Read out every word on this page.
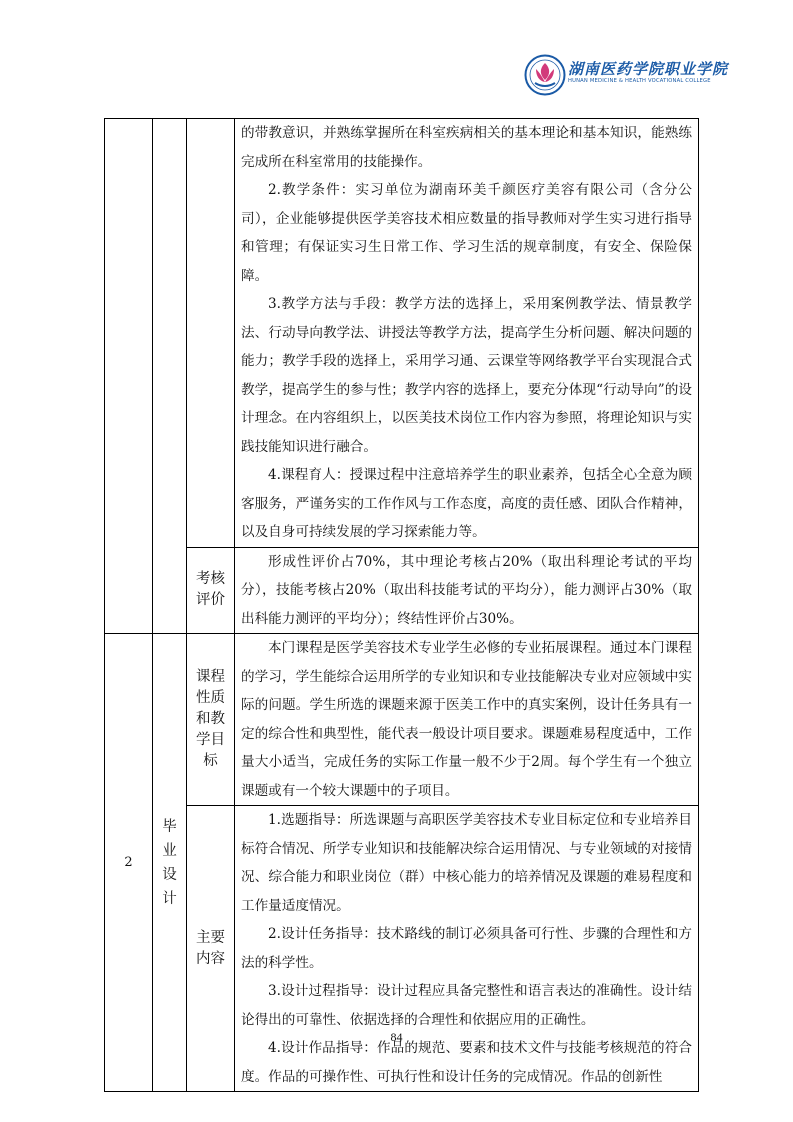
湖南医药学院职业学院
HUNAN MEDICINE & HEALTH VOCATIONAL COLLEGE

			的带教意识，并熟练掌握所在科室疾病相关的基本理论和基本知识，能熟练完成所在科室常用的技能操作。

2.教学条件：实习单位为湖南环美千颜医疗美容有限公司（含分公司），企业能够提供医学美容技术相应数量的指导教师对学生实习进行指导和管理；有保证实习生日常工作、学习生活的规章制度，有安全、保险保障。

3.教学方法与手段：教学方法的选择上，采用案例教学法、情景教学法、行动导向教学法、讲授法等教学方法，提高学生分析问题、解决问题的能力；教学手段的选择上，采用学习通、云课堂等网络教学平台实现混合式教学，提高学生的参与性；教学内容的选择上，要充分体现“行动导向”的设计理念。在内容组织上，以医美技术岗位工作内容为参照，将理论知识与实践技能知识进行融合。

4.课程育人：授课过程中注意培养学生的职业素养，包括全心全意为顾客服务，严谨务实的工作作风与工作态度，高度的责任感、团队合作精神，以及自身可持续发展的学习探索能力等。

		考核评价	形成性评价占70%，其中理论考核占20%（取出科理论考试的平均分），技能考核占20%（取出科技能考试的平均分），能力测评占30%（取出科能力测评的平均分）；终结性评价占30%。

2	毕业设计	课程性质和教学目标	本门课程是医学美容技术专业学生必修的专业拓展课程。通过本门课程的学习，学生能综合运用所学的专业知识和专业技能解决专业对应领域中实际的问题。学生所选的课题来源于医美工作中的真实案例，设计任务具有一定的综合性和典型性，能代表一般设计项目要求。课题难易程度适中，工作量大小适当，完成任务的实际工作量一般不少于2周。每个学生有一个独立课题或有一个较大课题中的子项目。

		主要内容	1.选题指导：所选课题与高职医学美容技术专业目标定位和专业培养目标符合情况、所学专业知识和技能解决综合运用情况、与专业领域的对接情况、综合能力和职业岗位（群）中核心能力的培养情况及课题的难易程度和工作量适度情况。

2.设计任务指导：技术路线的制订必须具备可行性、步骤的合理性和方法的科学性。

3.设计过程指导：设计过程应具备完整性和语言表达的准确性。设计结论得出的可靠性、依据选择的合理性和依据应用的正确性。

4.设计作品指导：作品的规范、要素和技术文件与技能考核规范的符合度。作品的可操作性、可执行性和设计任务的完成情况。作品的创新性

84
